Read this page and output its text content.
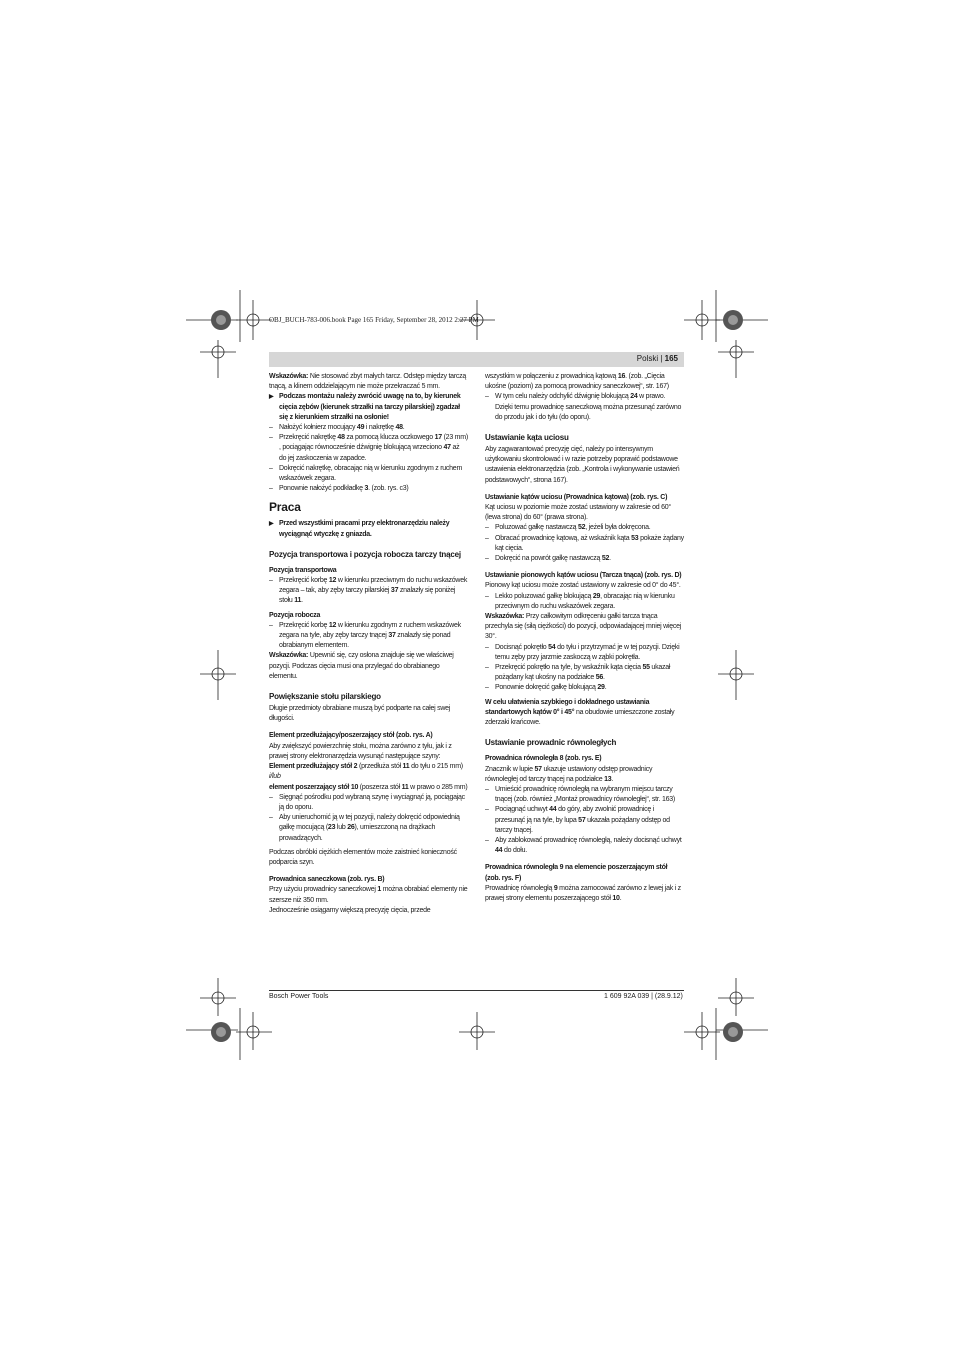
OBJ_BUCH-783-006.book Page 165 Friday, September 28, 2012 2:27 PM
Polski | 165
Wskazówka: Nie stosować zbyt małych tarcz. Odstęp między tarczą tnącą, a klinem oddzielającym nie może przekraczać 5 mm.
▶ Podczas montażu należy zwrócić uwagę na to, by kierunek cięcia zębów (kierunek strzałki na tarczy pilarskiej) zgadzał się z kierunkiem strzałki na osłonie!
– Nałożyć kołnierz mocujący 49 i nakrętkę 48.
– Przekręcić nakrętkę 48 za pomocą klucza oczkowego 17 (23 mm) , pociągając równocześnie dźwignię blokującą wrzeciono 47 aż do jej zaskoczenia w zapadce.
– Dokręcić nakrętkę, obracając nią w kierunku zgodnym z ruchem wskazówek zegara.
– Ponownie nałożyć podkładkę 3. (zob. rys. c3)
Praca
▶ Przed wszystkimi pracami przy elektronarzędziu należy wyciągnąć wtyczkę z gniazda.
Pozycja transportowa i pozycja robocza tarczy tnącej
Pozycja transportowa
– Przekręcić korbę 12 w kierunku przeciwnym do ruchu wskazówek zegara – tak, aby zęby tarczy pilarskiej 37 znalazły się poniżej stołu 11.
Pozycja robocza
– Przekręcić korbę 12 w kierunku zgodnym z ruchem wskazówek zegara na tyle, aby zęby tarczy tnącej 37 znalazły się ponad obrabianym elementem.
Wskazówka: Upewnić się, czy osłona znajduje się we właściwej pozycji. Podczas cięcia musi ona przylegać do obrabianego elementu.
Powiększanie stołu pilarskiego
Długie przedmioty obrabiane muszą być podparte na całej swej długości.
Element przedłużający/poszerzający stół (zob. rys. A)
Aby zwiększyć powierzchnię stołu, można zarówno z tyłu, jak i z prawej strony elektronarzędzia wysunąć następujące szyny:
Element przedłużający stół 2 (przedłuża stół 11 do tyłu o 215 mm)
i/lub
element poszerzający stół 10 (poszerza stół 11 w prawo o 285 mm)
– Sięgnąć pośrodku pod wybraną szynę i wyciągnąć ją, pociągając ją do oporu.
– Aby unieruchomić ją w tej pozycji, należy dokręcić odpowiednią gałkę mocującą (23 lub 26), umieszczoną na drążkach prowadzących.
Podczas obróbki ciężkich elementów może zaistnieć konieczność podparcia szyn.
Prowadnica saneczkowa (zob. rys. B)
Przy użyciu prowadnicy saneczkowej 1 można obrabiać elementy nie szersze niż 350 mm.
Jednocześnie osiągamy większą precyzję cięcia, przede
wszystkim w połączeniu z prowadnicą kątową 16. (zob. „Cięcia ukośne (poziom) za pomocą prowadnicy saneczkowej“, str. 167)
– W tym celu należy odchylić dźwignię blokującą 24 w prawo.
Dzięki temu prowadnicę saneczkową można przesunąć zarówno do przodu jak i do tyłu (do oporu).
Ustawianie kąta uciosu
Aby zagwarantować precyzję cięć, należy po intensywnym użytkowaniu skontrolować i w razie potrzeby poprawić podstawowe ustawienia elektronarzędzia (zob. „Kontrola i wykonywanie ustawień podstawowych“, strona 167).
Ustawianie kątów uciosu (Prowadnica kątowa) (zob. rys. C)
Kąt uciosu w poziomie może zostać ustawiony w zakresie od 60° (lewa strona) do 60° (prawa strona).
– Poluzować gałkę nastawczą 52, jeżeli była dokręcona.
– Obracać prowadnicę kątową, aż wskaźnik kąta 53 pokaże żądany kąt cięcia.
– Dokręcić na powrót gałkę nastawczą 52.
Ustawianie pionowych kątów uciosu (Tarcza tnąca) (zob. rys. D)
Pionowy kąt uciosu może zostać ustawiony w zakresie od 0° do 45°.
– Lekko poluzować gałkę blokującą 29, obracając nią w kierunku przeciwnym do ruchu wskazówek zegara.
Wskazówka: Przy całkowitym odkręceniu gałki tarcza tnąca przechyla się (siłą ciężkości) do pozycji, odpowiadającej mniej więcej 30°.
– Docisnąć pokrętło 54 do tyłu i przytrzymać je w tej pozycji. Dzięki temu zęby przy jarzmie zaskoczą w ząbki pokrętła.
– Przekręcić pokrętło na tyle, by wskaźnik kąta cięcia 55 ukazał pożądany kąt ukośny na podziałce 56.
– Ponownie dokręcić gałkę blokującą 29.
W celu ułatwienia szybkiego i dokładnego ustawiania standartowych kątów 0° i 45° na obudowie umieszczone zostały zderzaki krańcowe.
Ustawianie prowadnic równoległych
Prowadnica równoległa 8 (zob. rys. E)
Znacznik w lupie 57 ukazuje ustawiony odstęp prowadnicy równoległej od tarczy tnącej na podziałce 13.
– Umieścić prowadnicę równoległą na wybranym miejscu tarczy tnącej (zob. również „Montaż prowadnicy równoległej“, str. 163)
– Pociągnąć uchwyt 44 do góry, aby zwolnić prowadnicę i przesunąć ją na tyle, by lupa 57 ukazała pożądany odstęp od tarczy tnącej.
– Aby zablokować prowadnicę równoległą, należy docisnąć uchwyt 44 do dołu.
Prowadnica równoległa 9 na elemencie poszerzającym stół (zob. rys. F)
Prowadnicę równoległą 9 można zamocować zarówno z lewej jak i z prawej strony elementu poszerzającego stół 10.
Bosch Power Tools	1 609 92A 039 | (28.9.12)
